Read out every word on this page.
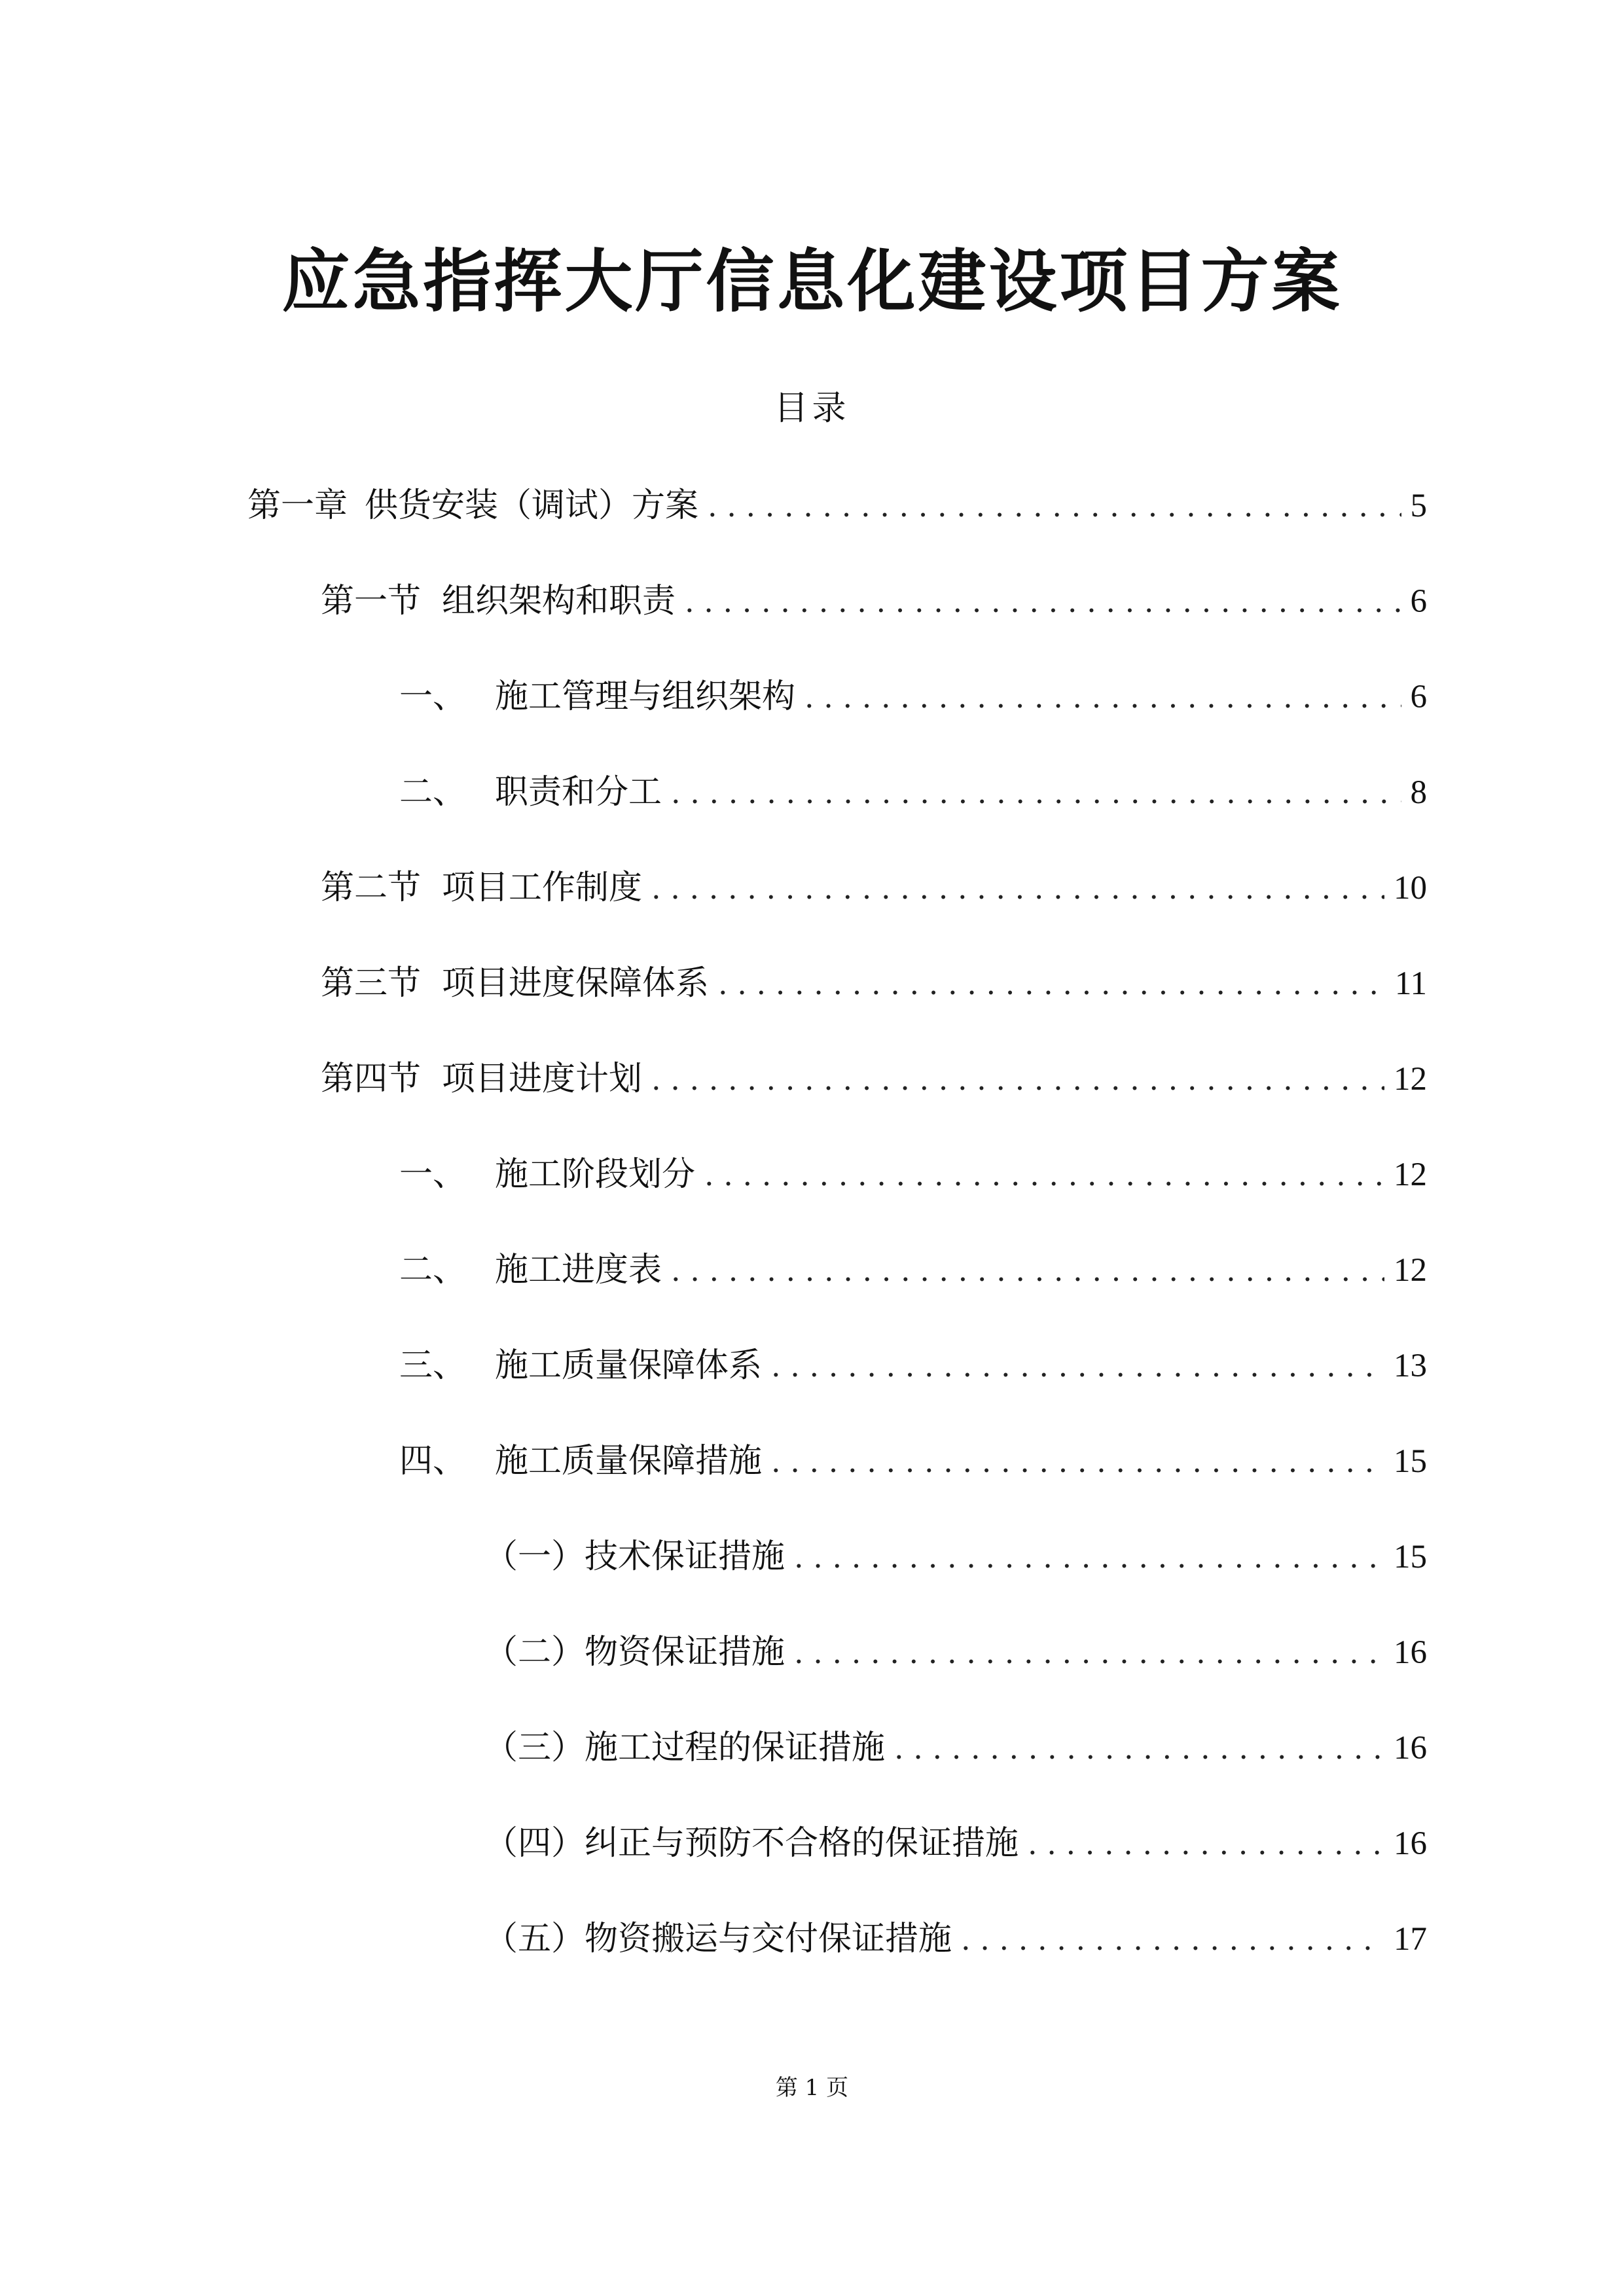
应急指挥大厅信息化建设项目方案
目录
第一章 供货安装（调试）方案 . . .	5
第一节 组织架构和职责 . . .	6
一、 施工管理与组织架构 . . .	6
二、 职责和分工 . . .	8
第二节 项目工作制度 . . .	10
第三节 项目进度保障体系 . . .	11
第四节 项目进度计划 . . .	12
一、 施工阶段划分 . . .	12
二、 施工进度表 . . .	12
三、 施工质量保障体系 . . .	13
四、 施工质量保障措施 . . .	15
（一） 技术保证措施 . . .	15
（二） 物资保证措施 . . .	16
（三） 施工过程的保证措施 . . .	16
（四） 纠正与预防不合格的保证措施 . . .	16
（五） 物资搬运与交付保证措施 . . .	17
第 1 页
